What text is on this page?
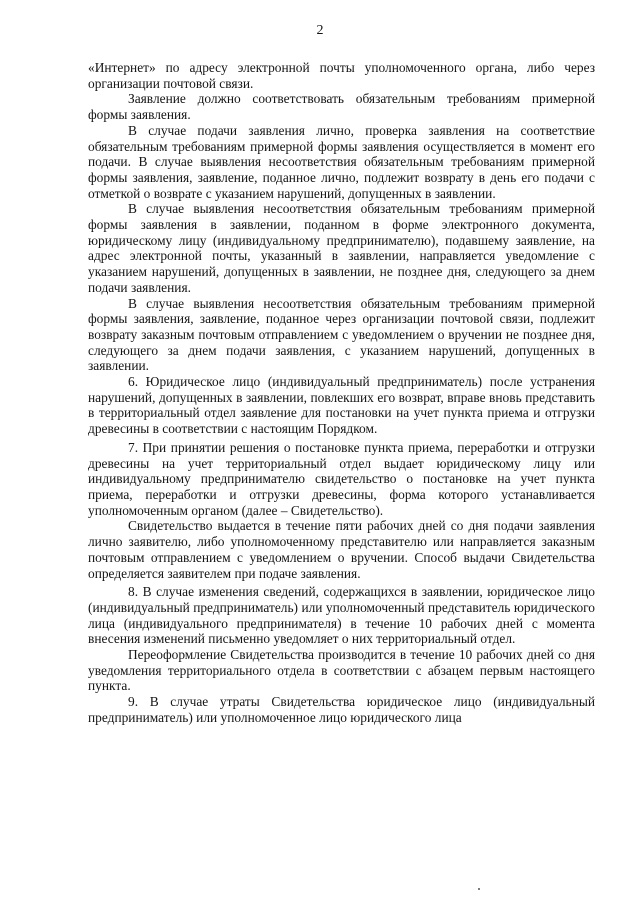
2

«Интернет» по адресу электронной почты уполномоченного органа, либо через организации почтовой связи.

Заявление должно соответствовать обязательным требованиям примерной формы заявления.

В случае подачи заявления лично, проверка заявления на соответствие обязательным требованиям примерной формы заявления осуществляется в момент его подачи. В случае выявления несоответствия обязательным требованиям примерной формы заявления, заявление, поданное лично, подлежит возврату в день его подачи с отметкой о возврате с указанием нарушений, допущенных в заявлении.

В случае выявления несоответствия обязательным требованиям примерной формы заявления в заявлении, поданном в форме электронного документа, юридическому лицу (индивидуальному предпринимателю), подавшему заявление, на адрес электронной почты, указанный в заявлении, направляется уведомление с указанием нарушений, допущенных в заявлении, не позднее дня, следующего за днем подачи заявления.

В случае выявления несоответствия обязательным требованиям примерной формы заявления, заявление, поданное через организации почтовой связи, подлежит возврату заказным почтовым отправлением с уведомлением о вручении не позднее дня, следующего за днем подачи заявления, с указанием нарушений, допущенных в заявлении.

6. Юридическое лицо (индивидуальный предприниматель) после устранения нарушений, допущенных в заявлении, повлекших его возврат, вправе вновь представить в территориальный отдел заявление для постановки на учет пункта приема и отгрузки древесины в соответствии с настоящим Порядком.

7. При принятии решения о постановке пункта приема, переработки и отгрузки древесины на учет территориальный отдел выдает юридическому лицу или индивидуальному предпринимателю свидетельство о постановке на учет пункта приема, переработки и отгрузки древесины, форма которого устанавливается уполномоченным органом (далее – Свидетельство).

Свидетельство выдается в течение пяти рабочих дней со дня подачи заявления лично заявителю, либо уполномоченному представителю или направляется заказным почтовым отправлением с уведомлением о вручении. Способ выдачи Свидетельства определяется заявителем при подаче заявления.

8. В случае изменения сведений, содержащихся в заявлении, юридическое лицо (индивидуальный предприниматель) или уполномоченный представитель юридического лица (индивидуального предпринимателя) в течение 10 рабочих дней с момента внесения изменений письменно уведомляет о них территориальный отдел.

Переоформление Свидетельства производится в течение 10 рабочих дней со дня уведомления территориального отдела в соответствии с абзацем первым настоящего пункта.

9. В случае утраты Свидетельства юридическое лицо (индивидуальный предприниматель) или уполномоченное лицо юридического лица
